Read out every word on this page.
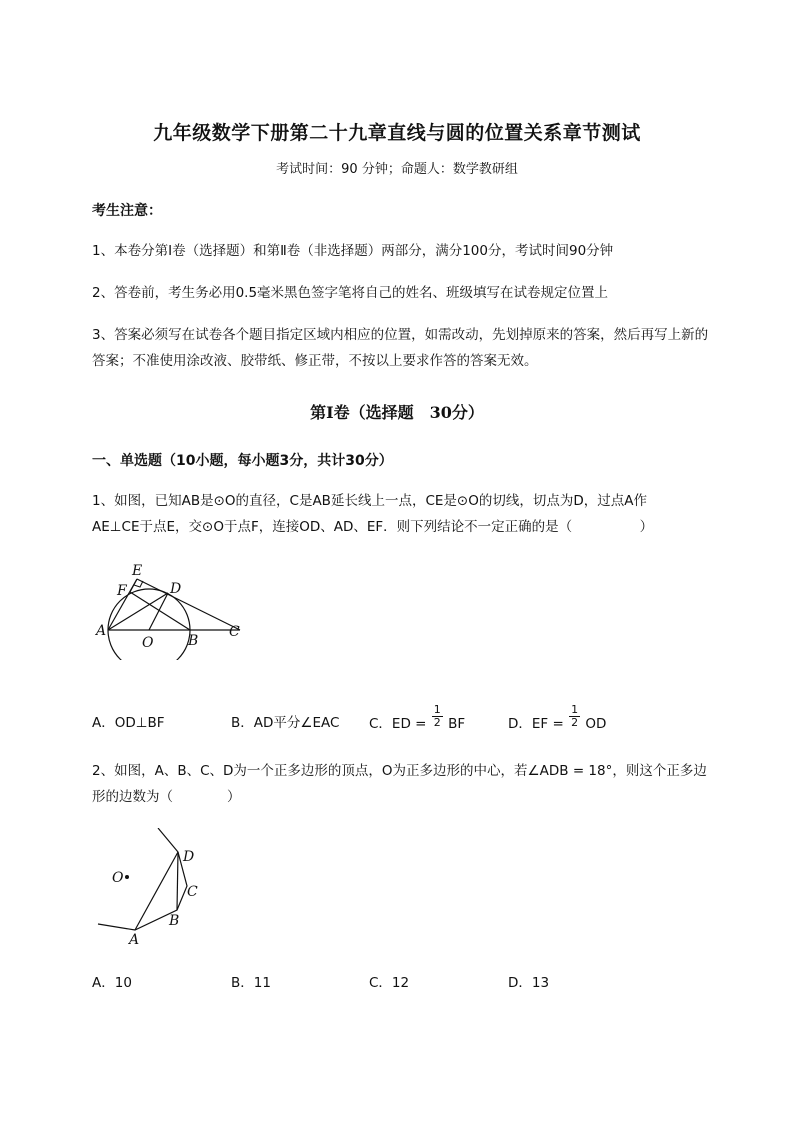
九年级数学下册第二十九章直线与圆的位置关系章节测试
考试时间：90 分钟；命题人：数学教研组
考生注意：
1、本卷分第Ⅰ卷（选择题）和第Ⅱ卷（非选择题）两部分，满分100分，考试时间90分钟
2、答卷前，考生务必用0.5毫米黑色签字笔将自己的姓名、班级填写在试卷规定位置上
3、答案必须写在试卷各个题目指定区域内相应的位置，如需改动，先划掉原来的答案，然后再写上新的答案；不准使用涂改液、胶带纸、修正带，不按以上要求作答的答案无效。
第Ⅰ卷（选择题　30分）
一、单选题（10小题，每小题3分，共计30分）
1、如图，已知AB是⊙O的直径，C是AB延长线上一点，CE是⊙O的切线，切点为D，过点A作
AE⊥CE于点E，交⊙O于点F，连接OD、AD、EF．则下列结论不一定正确的是（　　　　　）
E
F	D
A
O B
C
A．OD⊥BF	B．AD平分∠EAC C．ED = $\frac{1}{2}$ BF	D．EF = $\frac{1}{2}$ OD
2、如图，A、B、C、D为一个正多边形的顶点，O为正多边形的中心，若∠ADB = 18°，则这个正多边
形的边数为（　　　　）
O
D
C
B
A
A．10	B．11	C．12	D．13
